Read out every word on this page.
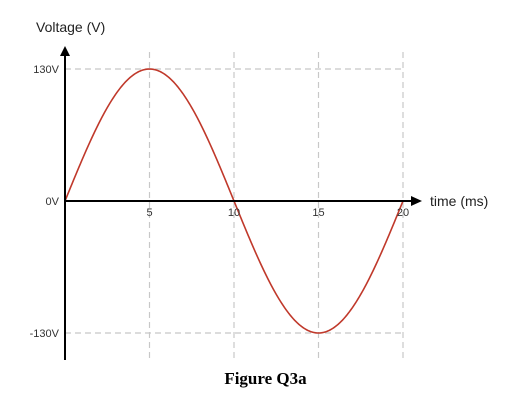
130V
0V
-130V
5	10	15	20
Voltage (V)
time (ms)
Figure Q3a
